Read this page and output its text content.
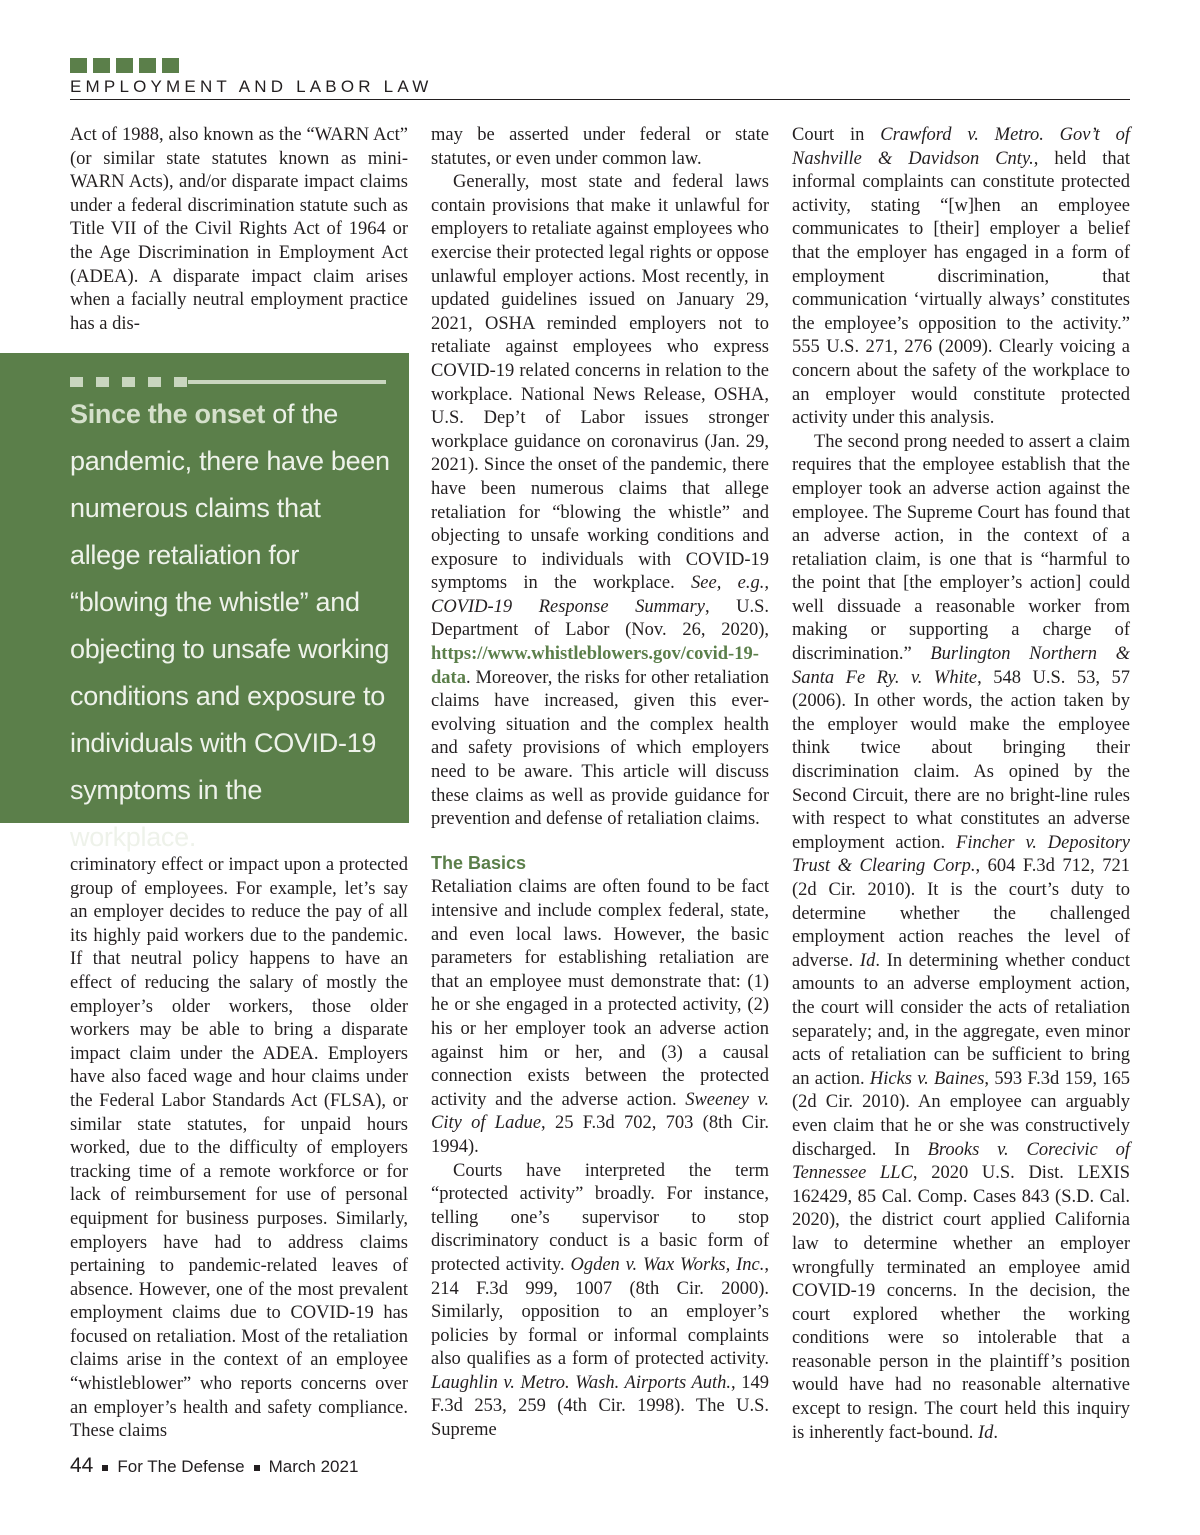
EMPLOYMENT AND LABOR LAW

Act of 1988, also known as the “WARN Act” (or similar state statutes known as mini-WARN Acts), and/or disparate impact claims under a federal discrimination statute such as Title VII of the Civil Rights Act of 1964 or the Age Discrimination in Employment Act (ADEA). A disparate impact claim arises when a facially neutral employment practice has a dis-

Since the onset of the pandemic, there have been numerous claims that allege retaliation for “blowing the whistle” and objecting to unsafe working conditions and exposure to individuals with COVID-19 symptoms in the workplace.

criminatory effect or impact upon a protected group of employees. For example, let’s say an employer decides to reduce the pay of all its highly paid workers due to the pandemic. If that neutral policy happens to have an effect of reducing the salary of mostly the employer’s older workers, those older workers may be able to bring a disparate impact claim under the ADEA. Employers have also faced wage and hour claims under the Federal Labor Standards Act (FLSA), or similar state statutes, for unpaid hours worked, due to the difficulty of employers tracking time of a remote workforce or for lack of reimbursement for use of personal equipment for business purposes. Similarly, employers have had to address claims pertaining to pandemic-related leaves of absence. However, one of the most prevalent employment claims due to COVID-19 has focused on retaliation. Most of the retaliation claims arise in the context of an employee “whistleblower” who reports concerns over an employer’s health and safety compliance. These claims

may be asserted under federal or state statutes, or even under common law.

Generally, most state and federal laws contain provisions that make it unlawful for employers to retaliate against employees who exercise their protected legal rights or oppose unlawful employer actions. Most recently, in updated guidelines issued on January 29, 2021, OSHA reminded employers not to retaliate against employees who express COVID-19 related concerns in relation to the workplace. National News Release, OSHA, U.S. Dep’t of Labor issues stronger workplace guidance on coronavirus (Jan. 29, 2021). Since the onset of the pandemic, there have been numerous claims that allege retaliation for “blowing the whistle” and objecting to unsafe working conditions and exposure to individuals with COVID-19 symptoms in the workplace. See, e.g., COVID-19 Response Summary, U.S. Department of Labor (Nov. 26, 2020), https://www.whistleblowers.gov/covid-19-data. Moreover, the risks for other retaliation claims have increased, given this ever-evolving situation and the complex health and safety provisions of which employers need to be aware. This article will discuss these claims as well as provide guidance for prevention and defense of retaliation claims.

The Basics

Retaliation claims are often found to be fact intensive and include complex federal, state, and even local laws. However, the basic parameters for establishing retaliation are that an employee must demonstrate that: (1) he or she engaged in a protected activity, (2) his or her employer took an adverse action against him or her, and (3) a causal connection exists between the protected activity and the adverse action. Sweeney v. City of Ladue, 25 F.3d 702, 703 (8th Cir. 1994).

Courts have interpreted the term “protected activity” broadly. For instance, telling one’s supervisor to stop discriminatory conduct is a basic form of protected activity. Ogden v. Wax Works, Inc., 214 F.3d 999, 1007 (8th Cir. 2000). Similarly, opposition to an employer’s policies by formal or informal complaints also qualifies as a form of protected activity. Laughlin v. Metro. Wash. Airports Auth., 149 F.3d 253, 259 (4th Cir. 1998). The U.S. Supreme

Court in Crawford v. Metro. Gov’t of Nashville & Davidson Cnty., held that informal complaints can constitute protected activity, stating “[w]hen an employee communicates to [their] employer a belief that the employer has engaged in a form of employment discrimination, that communication ‘virtually always’ constitutes the employee’s opposition to the activity.” 555 U.S. 271, 276 (2009). Clearly voicing a concern about the safety of the workplace to an employer would constitute protected activity under this analysis.

The second prong needed to assert a claim requires that the employee establish that the employer took an adverse action against the employee. The Supreme Court has found that an adverse action, in the context of a retaliation claim, is one that is “harmful to the point that [the employer’s action] could well dissuade a reasonable worker from making or supporting a charge of discrimination.” Burlington Northern & Santa Fe Ry. v. White, 548 U.S. 53, 57 (2006). In other words, the action taken by the employer would make the employee think twice about bringing their discrimination claim. As opined by the Second Circuit, there are no bright-line rules with respect to what constitutes an adverse employment action. Fincher v. Depository Trust & Clearing Corp., 604 F.3d 712, 721 (2d Cir. 2010). It is the court’s duty to determine whether the challenged employment action reaches the level of adverse. Id. In determining whether conduct amounts to an adverse employment action, the court will consider the acts of retaliation separately; and, in the aggregate, even minor acts of retaliation can be sufficient to bring an action. Hicks v. Baines, 593 F.3d 159, 165 (2d Cir. 2010). An employee can arguably even claim that he or she was constructively discharged. In Brooks v. Corecivic of Tennessee LLC, 2020 U.S. Dist. LEXIS 162429, 85 Cal. Comp. Cases 843 (S.D. Cal. 2020), the district court applied California law to determine whether an employer wrongfully terminated an employee amid COVID-19 concerns. In the decision, the court explored whether the working conditions were so intolerable that a reasonable person in the plaintiff’s position would have had no reasonable alternative except to resign. The court held this inquiry is inherently fact-bound. Id.

44 For The Defense March 2021
